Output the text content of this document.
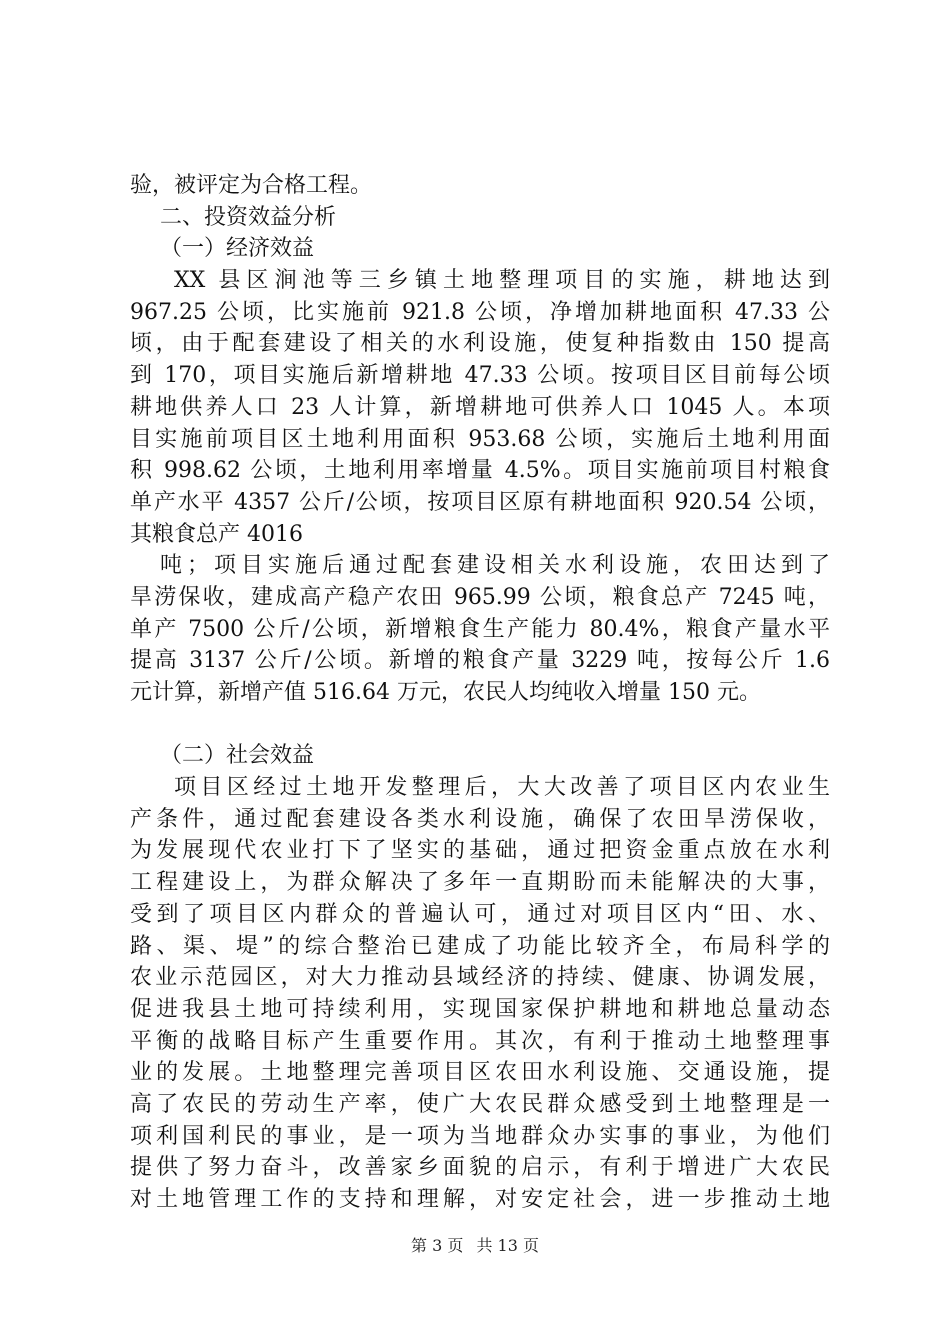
验，被评定为合格工程。
二、投资效益分析
（一）经济效益
XX 县区涧池等三乡镇土地整理项目的实施，耕地达到
967.25 公顷，比实施前 921.8 公顷，净增加耕地面积 47.33 公
顷，由于配套建设了相关的水利设施，使复种指数由 150 提高
到 170，项目实施后新增耕地 47.33 公顷。按项目区目前每公顷
耕地供养人口 23 人计算，新增耕地可供养人口 1045 人。本项
目实施前项目区土地利用面积 953.68 公顷，实施后土地利用面
积 998.62 公顷，土地利用率增量 4.5%。项目实施前项目村粮食
单产水平 4357 公斤/公顷，按项目区原有耕地面积 920.54 公顷，
其粮食总产 4016
吨；项目实施后通过配套建设相关水利设施，农田达到了
旱涝保收，建成高产稳产农田 965.99 公顷，粮食总产 7245 吨，
单产 7500 公斤/公顷，新增粮食生产能力 80.4%，粮食产量水平
提高 3137 公斤/公顷。新增的粮食产量 3229 吨，按每公斤 1.6
元计算，新增产值 516.64 万元，农民人均纯收入增量 150 元。
（二）社会效益
项目区经过土地开发整理后，大大改善了项目区内农业生
产条件，通过配套建设各类水利设施，确保了农田旱涝保收，
为发展现代农业打下了坚实的基础，通过把资金重点放在水利
工程建设上，为群众解决了多年一直期盼而未能解决的大事，
受到了项目区内群众的普遍认可，通过对项目区内“田、水、
路、渠、堤”的综合整治已建成了功能比较齐全，布局科学的
农业示范园区，对大力推动县域经济的持续、健康、协调发展，
促进我县土地可持续利用，实现国家保护耕地和耕地总量动态
平衡的战略目标产生重要作用。其次，有利于推动土地整理事
业的发展。土地整理完善项目区农田水利设施、交通设施，提
高了农民的劳动生产率，使广大农民群众感受到土地整理是一
项利国利民的事业，是一项为当地群众办实事的事业，为他们
提供了努力奋斗，改善家乡面貌的启示，有利于增进广大农民
对土地管理工作的支持和理解，对安定社会，进一步推动土地
第 3 页 共 13 页
